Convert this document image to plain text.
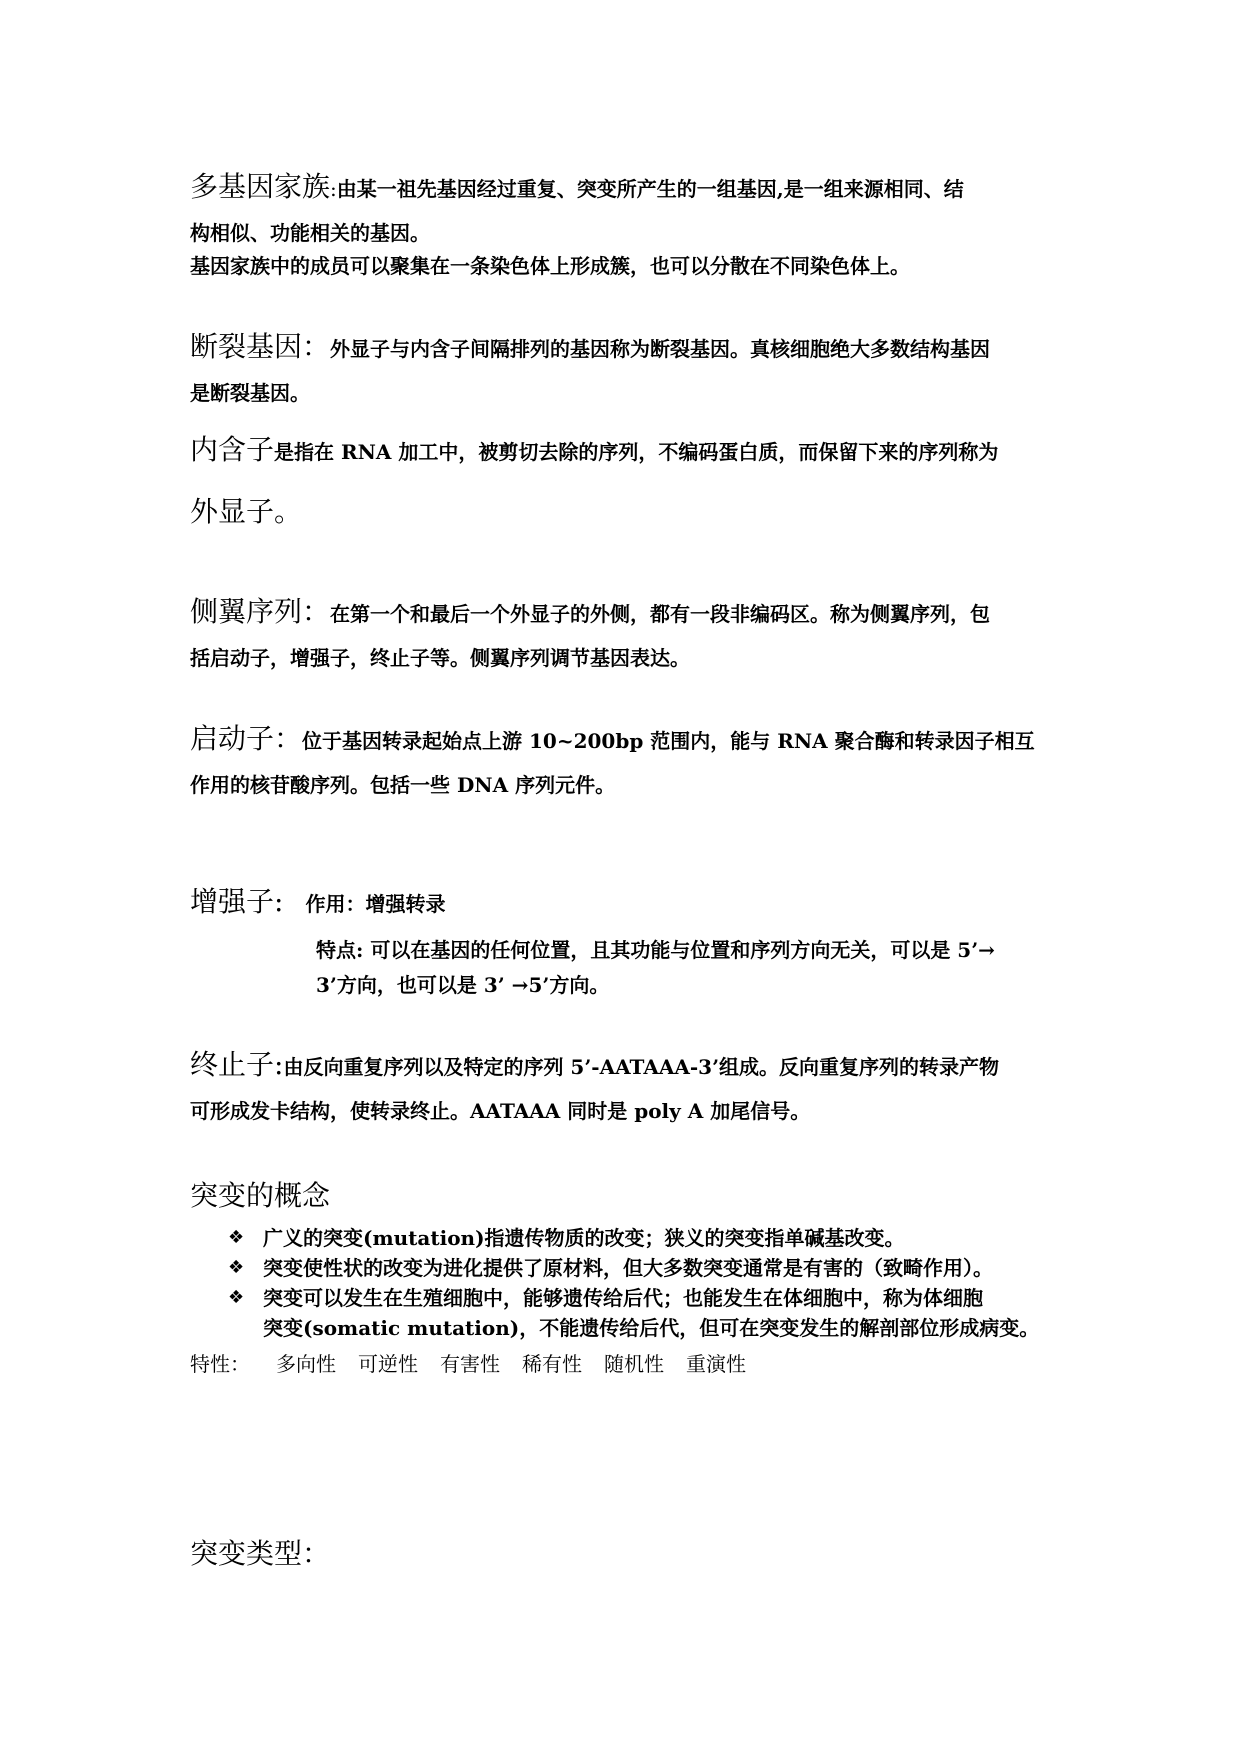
多基因家族:由某一祖先基因经过重复、突变所产生的一组基因,是一组来源相同、结
构相似、功能相关的基因。
基因家族中的成员可以聚集在一条染色体上形成簇，也可以分散在不同染色体上。
断裂基因：外显子与内含子间隔排列的基因称为断裂基因。真核细胞绝大多数结构基因
是断裂基因。
内含子是指在 RNA 加工中，被剪切去除的序列，不编码蛋白质，而保留下来的序列称为
外显子。
侧翼序列：在第一个和最后一个外显子的外侧，都有一段非编码区。称为侧翼序列，包
括启动子，增强子，终止子等。侧翼序列调节基因表达。
启动子：位于基因转录起始点上游 10~200bp 范围内，能与 RNA 聚合酶和转录因子相互
作用的核苷酸序列。包括一些 DNA 序列元件。
增强子: 作用：增强转录
特点: 可以在基因的任何位置，且其功能与位置和序列方向无关，可以是 5’→
3’方向，也可以是 3’ →5’方向。
终止子:由反向重复序列以及特定的序列 5’-AATAAA-3’组成。反向重复序列的转录产物
可形成发卡结构，使转录终止。AATAAA 同时是 poly A 加尾信号。
突变的概念
❖ 广义的突变(mutation)指遗传物质的改变；狭义的突变指单碱基改变。
❖ 突变使性状的改变为进化提供了原材料，但大多数突变通常是有害的（致畸作用）。
❖ 突变可以发生在生殖细胞中，能够遗传给后代；也能发生在体细胞中，称为体细胞
突变(somatic mutation)，不能遗传给后代，但可在突变发生的解剖部位形成病变。
特性： 多向性 可逆性 有害性 稀有性 随机性 重演性
突变类型：
